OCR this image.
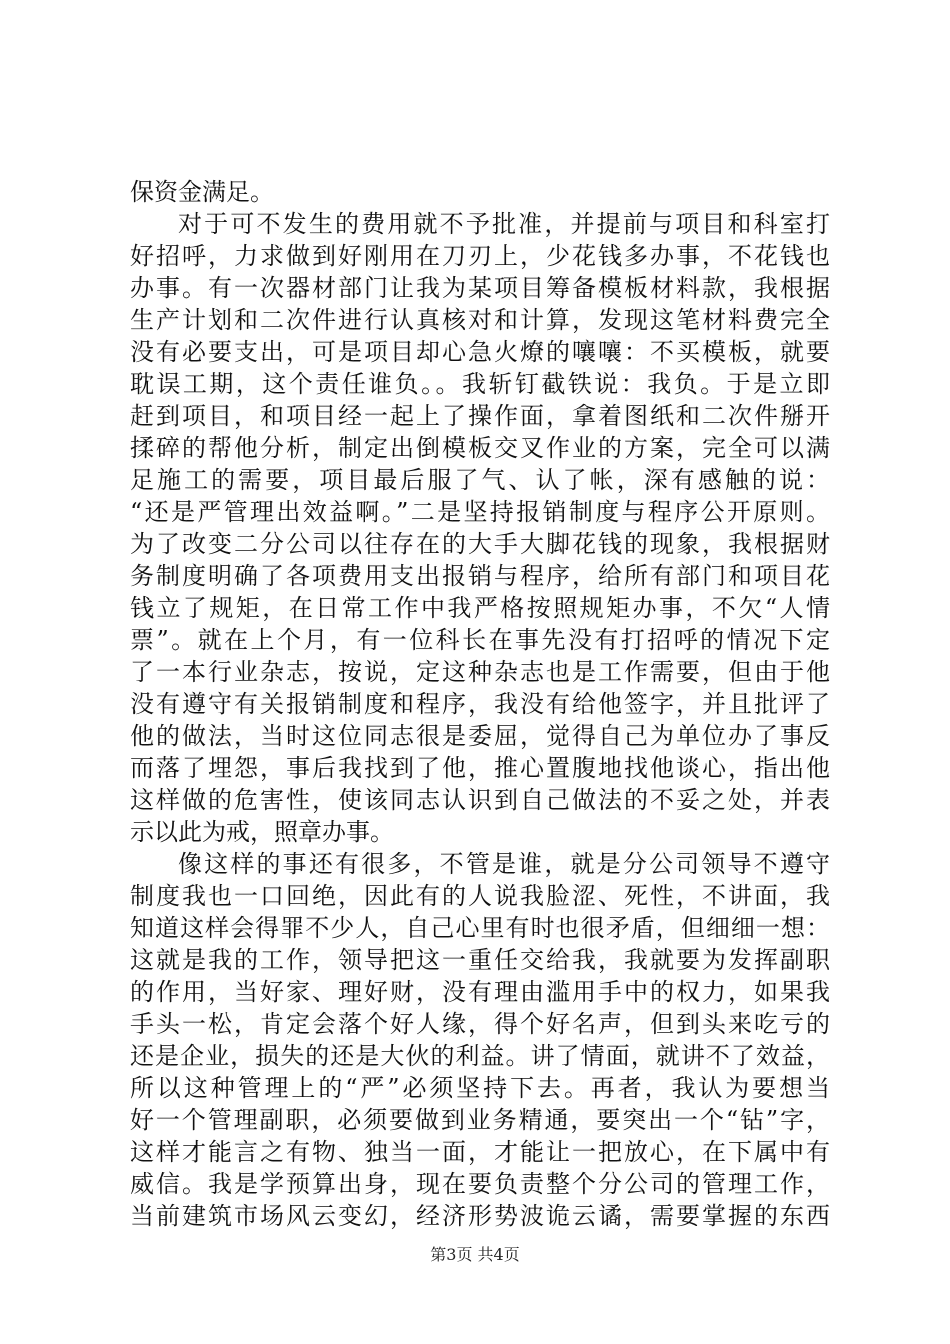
保资金满足。
对于可不发生的费用就不予批准，并提前与项目和科室打
好招呼，力求做到好刚用在刀刃上，少花钱多办事，不花钱也
办事。有一次器材部门让我为某项目筹备模板材料款，我根据
生产计划和二次件进行认真核对和计算，发现这笔材料费完全
没有必要支出，可是项目却心急火燎的嚷嚷：不买模板，就要
耽误工期，这个责任谁负。。我斩钉截铁说：我负。于是立即
赶到项目，和项目经一起上了操作面，拿着图纸和二次件掰开
揉碎的帮他分析，制定出倒模板交叉作业的方案，完全可以满
足施工的需要，项目最后服了气、认了帐，深有感触的说：
“还是严管理出效益啊。”二是坚持报销制度与程序公开原则。
为了改变二分公司以往存在的大手大脚花钱的现象，我根据财
务制度明确了各项费用支出报销与程序，给所有部门和项目花
钱立了规矩，在日常工作中我严格按照规矩办事，不欠“人情
票”。就在上个月，有一位科长在事先没有打招呼的情况下定
了一本行业杂志，按说，定这种杂志也是工作需要，但由于他
没有遵守有关报销制度和程序，我没有给他签字，并且批评了
他的做法，当时这位同志很是委屈，觉得自己为单位办了事反
而落了埋怨，事后我找到了他，推心置腹地找他谈心，指出他
这样做的危害性，使该同志认识到自己做法的不妥之处，并表
示以此为戒，照章办事。
像这样的事还有很多，不管是谁，就是分公司领导不遵守
制度我也一口回绝，因此有的人说我脸涩、死性，不讲面，我
知道这样会得罪不少人，自己心里有时也很矛盾，但细细一想：
这就是我的工作，领导把这一重任交给我，我就要为发挥副职
的作用，当好家、理好财，没有理由滥用手中的权力，如果我
手头一松，肯定会落个好人缘，得个好名声，但到头来吃亏的
还是企业，损失的还是大伙的利益。讲了情面，就讲不了效益，
所以这种管理上的“严”必须坚持下去。再者，我认为要想当
好一个管理副职，必须要做到业务精通，要突出一个“钻”字，
这样才能言之有物、独当一面，才能让一把放心，在下属中有
威信。我是学预算出身，现在要负责整个分公司的管理工作，
当前建筑市场风云变幻，经济形势波诡云谲，需要掌握的东西
第3页 共4页
